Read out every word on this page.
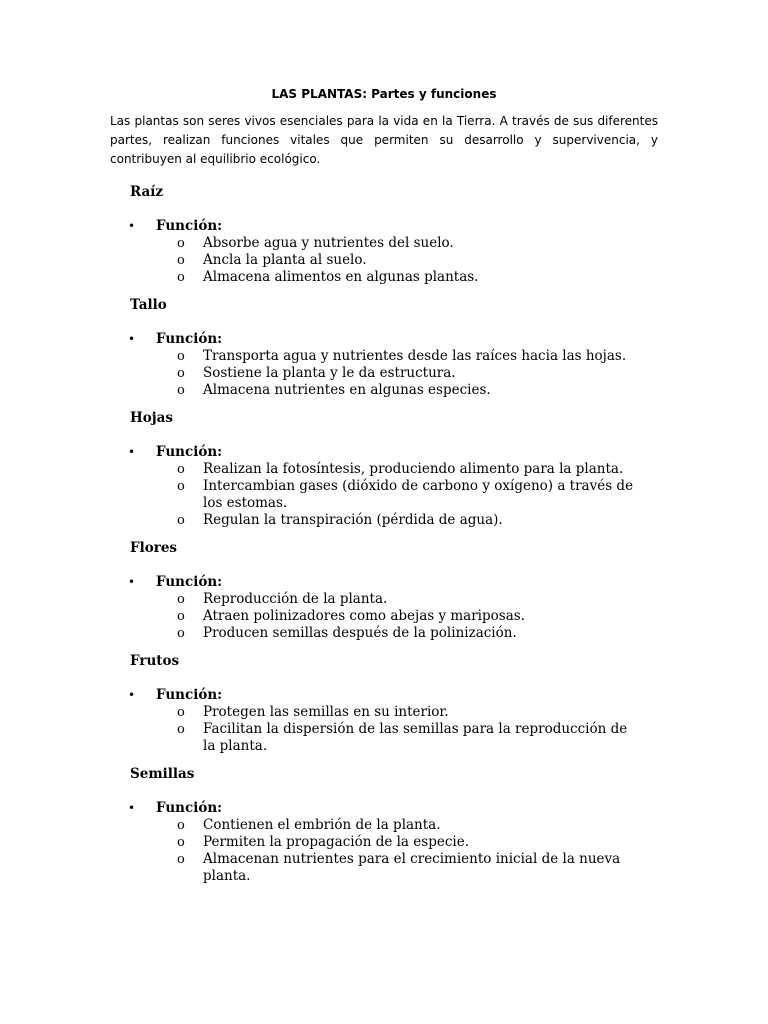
LAS PLANTAS: Partes y funciones
Las plantas son seres vivos esenciales para la vida en la Tierra. A través de sus diferentes partes, realizan funciones vitales que permiten su desarrollo y supervivencia, y contribuyen al equilibrio ecológico.
Raíz
• Función:
o Absorbe agua y nutrientes del suelo.
o Ancla la planta al suelo.
o Almacena alimentos en algunas plantas.
Tallo
• Función:
o Transporta agua y nutrientes desde las raíces hacia las hojas.
o Sostiene la planta y le da estructura.
o Almacena nutrientes en algunas especies.
Hojas
• Función:
o Realizan la fotosíntesis, produciendo alimento para la planta.
o Intercambian gases (dióxido de carbono y oxígeno) a través de los estomas.
o Regulan la transpiración (pérdida de agua).
Flores
• Función:
o Reproducción de la planta.
o Atraen polinizadores como abejas y mariposas.
o Producen semillas después de la polinización.
Frutos
• Función:
o Protegen las semillas en su interior.
o Facilitan la dispersión de las semillas para la reproducción de la planta.
Semillas
• Función:
o Contienen el embrión de la planta.
o Permiten la propagación de la especie.
o Almacenan nutrientes para el crecimiento inicial de la nueva planta.
